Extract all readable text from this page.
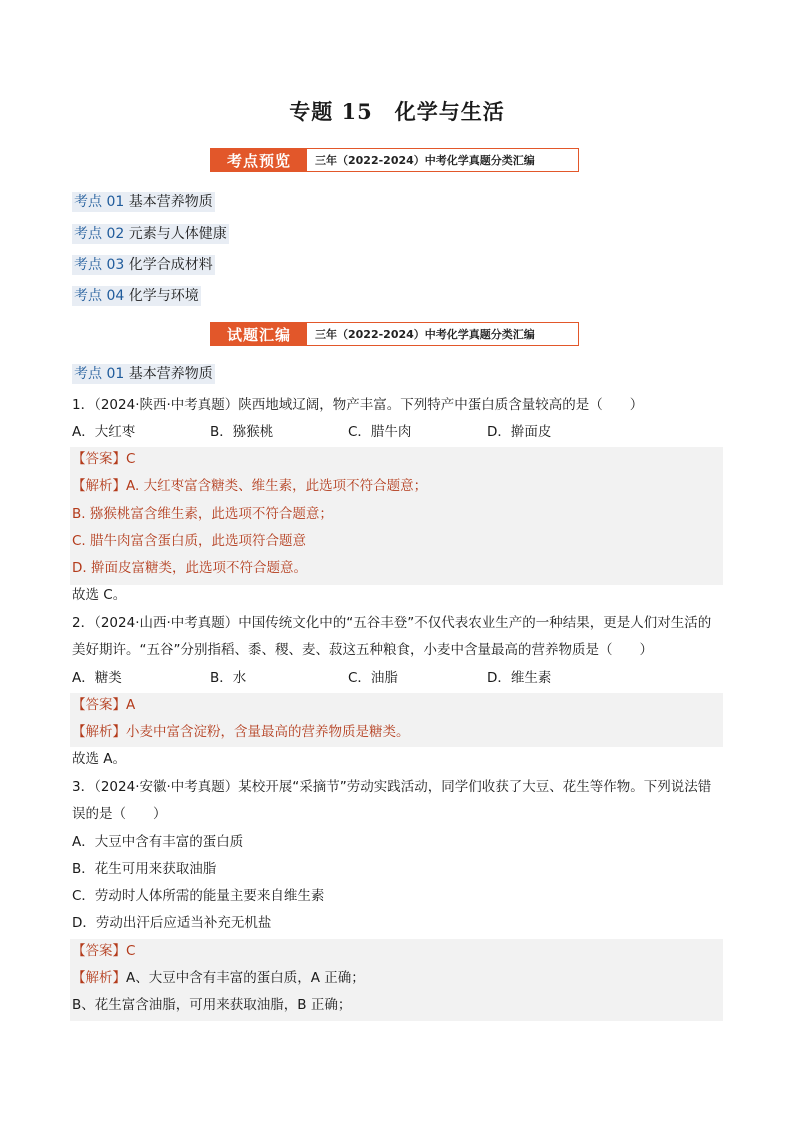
专题 15　化学与生活
考点预览	三年（2022-2024）中考化学真题分类汇编
考点 01 基本营养物质
考点 02 元素与人体健康
考点 03 化学合成材料
考点 04 化学与环境
试题汇编	三年（2022-2024）中考化学真题分类汇编
考点 01 基本营养物质
1．（2024·陕西·中考真题）陕西地域辽阔，物产丰富。下列特产中蛋白质含量较高的是（　　）
A．大红枣	B．猕猴桃	C．腊牛肉	D．擀面皮
【答案】C
【解析】A. 大红枣富含糖类、维生素，此选项不符合题意；
B. 猕猴桃富含维生素，此选项不符合题意；
C. 腊牛肉富含蛋白质，此选项符合题意
D. 擀面皮富糖类，此选项不符合题意。
故选 C。
2．（2024·山西·中考真题）中国传统文化中的“五谷丰登”不仅代表农业生产的一种结果，更是人们对生活的
美好期许。“五谷”分别指稻、黍、稷、麦、菽这五种粮食，小麦中含量最高的营养物质是（　　）
A．糖类	B．水	C．油脂	D．维生素
【答案】A
【解析】小麦中富含淀粉，含量最高的营养物质是糖类。
故选 A。
3．（2024·安徽·中考真题）某校开展“采摘节”劳动实践活动，同学们收获了大豆、花生等作物。下列说法错
误的是（　　）
A．大豆中含有丰富的蛋白质
B．花生可用来获取油脂
C．劳动时人体所需的能量主要来自维生素
D．劳动出汗后应适当补充无机盐
【答案】C
【解析】A、大豆中含有丰富的蛋白质，A 正确；
B、花生富含油脂，可用来获取油脂，B 正确；
